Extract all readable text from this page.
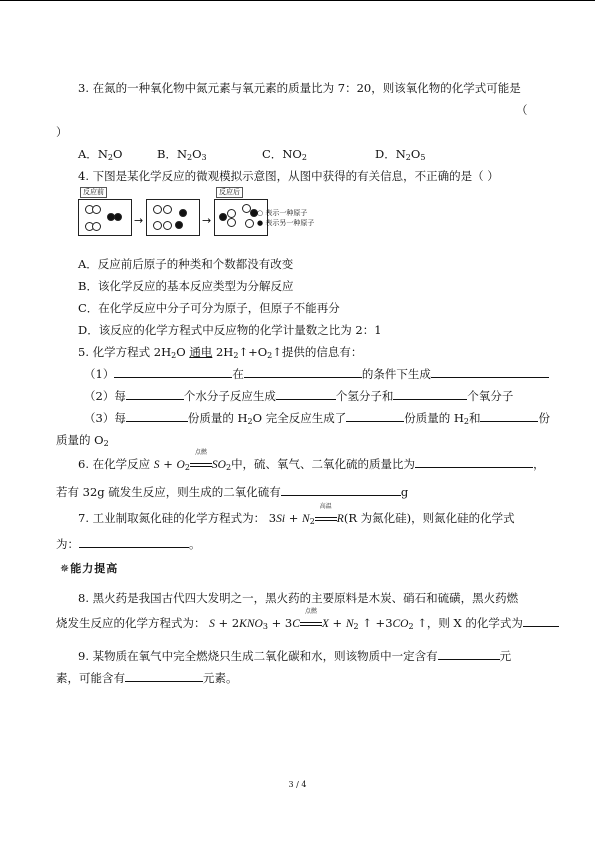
3. 在氮的一种氧化物中氮元素与氧元素的质量比为 7：20，则该氧化物的化学式可能是
（
）
A．$N_2O$	B．$N_2O_3$	C．$NO_2$	D．$N_2O_5$
4. 下图是某化学反应的微观模拟示意图，从图中获得的有关信息，不正确的是（ ）
反应前
→	→
反应后
○ 表示一种原子
● 表示另一种原子
A．反应前后原子的种类和个数都没有改变
B．该化学反应的基本反应类型为分解反应
C．在化学反应中分子可分为原子，但原子不能再分
D．该反应的化学方程式中反应物的化学计量数之比为 2：1
5. 化学方程式 $2H_2O$ 通电 $2H_2↑+O_2↑$提供的信息有：
（1）	在	的条件下生成
（2）每	个水分子反应生成	个氢分子和	个氧分子
（3）每	份质量的 $H_2O$ 完全反应生成了	份质量的 $H_2$和	份
质量的 $O_2$
6. 在化学反应 $S + O_2$
点燃
$SO_2$中，硫、氧气、二氧化硫的质量比为	，
若有 32g 硫发生反应，则生成的二氧化硫有	g
7. 工业制取氮化硅的化学方程式为： $3Si + N_2$
高温
R(R 为氮化硅)，则氮化硅的化学式
为：	。
✵能力提高
8. 黑火药是我国古代四大发明之一，黑火药的主要原料是木炭、硝石和硫磺，黑火药燃
烧发生反应的化学方程式为： $S + 2KNO_3 + 3C$
点燃
$X + N_2$ ↑ $+3CO_2$ ↑，则 X 的化学式为
9. 某物质在氧气中完全燃烧只生成二氧化碳和水，则该物质中一定含有	元
素，可能含有	元素。
3 / 4
